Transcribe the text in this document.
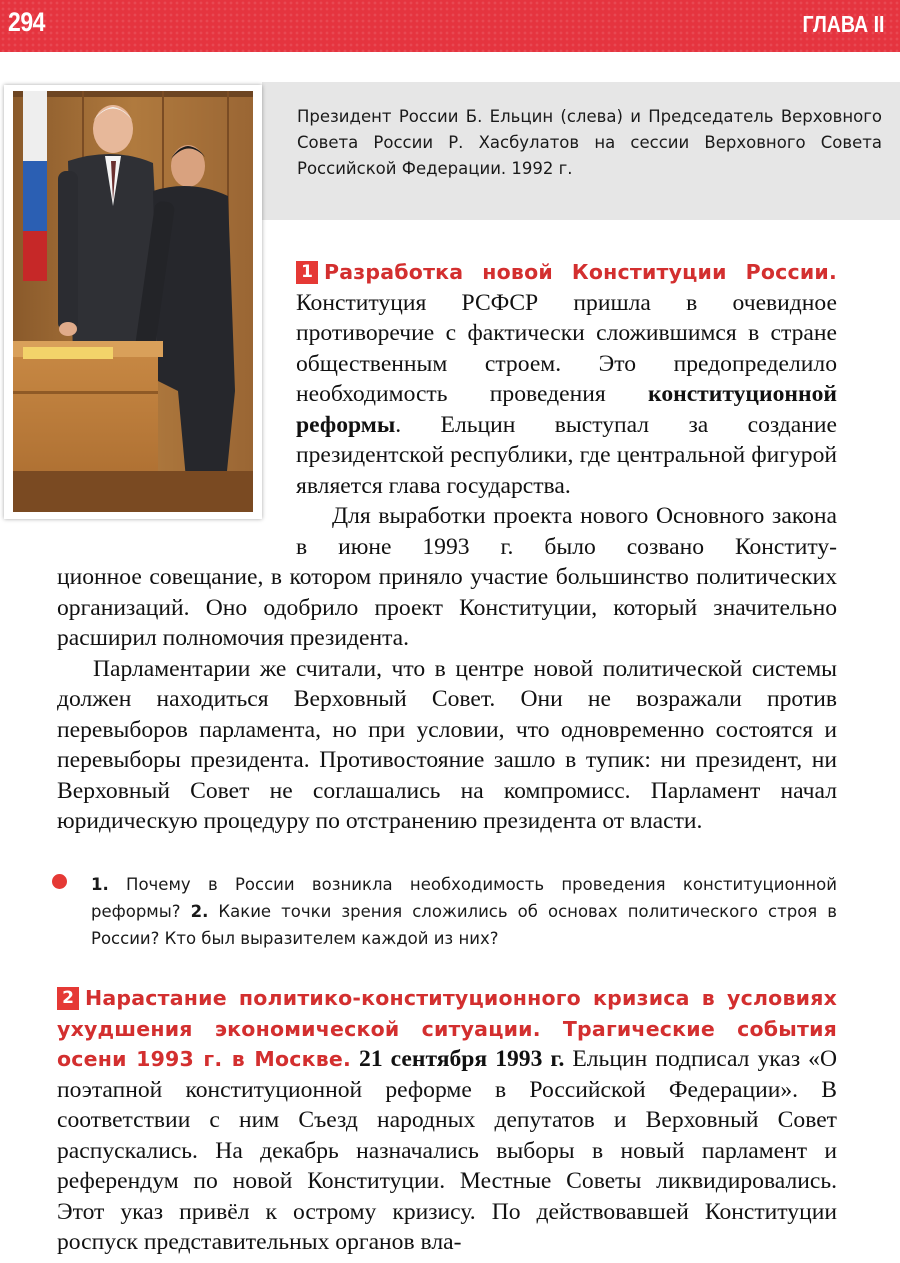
294	ГЛАВА II
Президент России Б. Ельцин (слева) и Председатель Верховного Совета России Р. Хасбулатов на сессии Верховного Совета Российской Федерации. 1992 г.

1 Разработка новой Конституции России. Конституция РСФСР пришла в очевидное противоречие с фактически сложившимся в стране общественным строем. Это предопределило необходимость проведения конституционной реформы. Ельцин выступал за создание президентской республики, где центральной фигурой является глава государства.

Для выработки проекта нового Основного закона в июне 1993 г. было созвано Конститу-

ционное совещание, в котором приняло участие большинство политических организаций. Оно одобрило проект Конституции, который значительно расширил полномочия президента.

Парламентарии же считали, что в центре новой политической системы должен находиться Верховный Совет. Они не возражали против перевыборов парламента, но при условии, что одновременно состоятся и перевыборы президента. Противостояние зашло в тупик: ни президент, ни Верховный Совет не соглашались на компромисс. Парламент начал юридическую процедуру по отстранению президента от власти.

1. Почему в России возникла необходимость проведения конституционной реформы? 2. Какие точки зрения сложились об основах политического строя в России? Кто был выразителем каждой из них?

2 Нарастание политико-конституционного кризиса в условиях ухудшения экономической ситуации. Трагические события осени 1993 г. в Москве. 21 сентября 1993 г. Ельцин подписал указ «О поэтапной конституционной реформе в Российской Федерации». В соответствии с ним Съезд народных депутатов и Верховный Совет распускались. На декабрь назначались выборы в новый парламент и референдум по новой Конституции. Местные Советы ликвидировались. Этот указ привёл к острому кризису. По действовавшей Конституции роспуск представительных органов вла-
